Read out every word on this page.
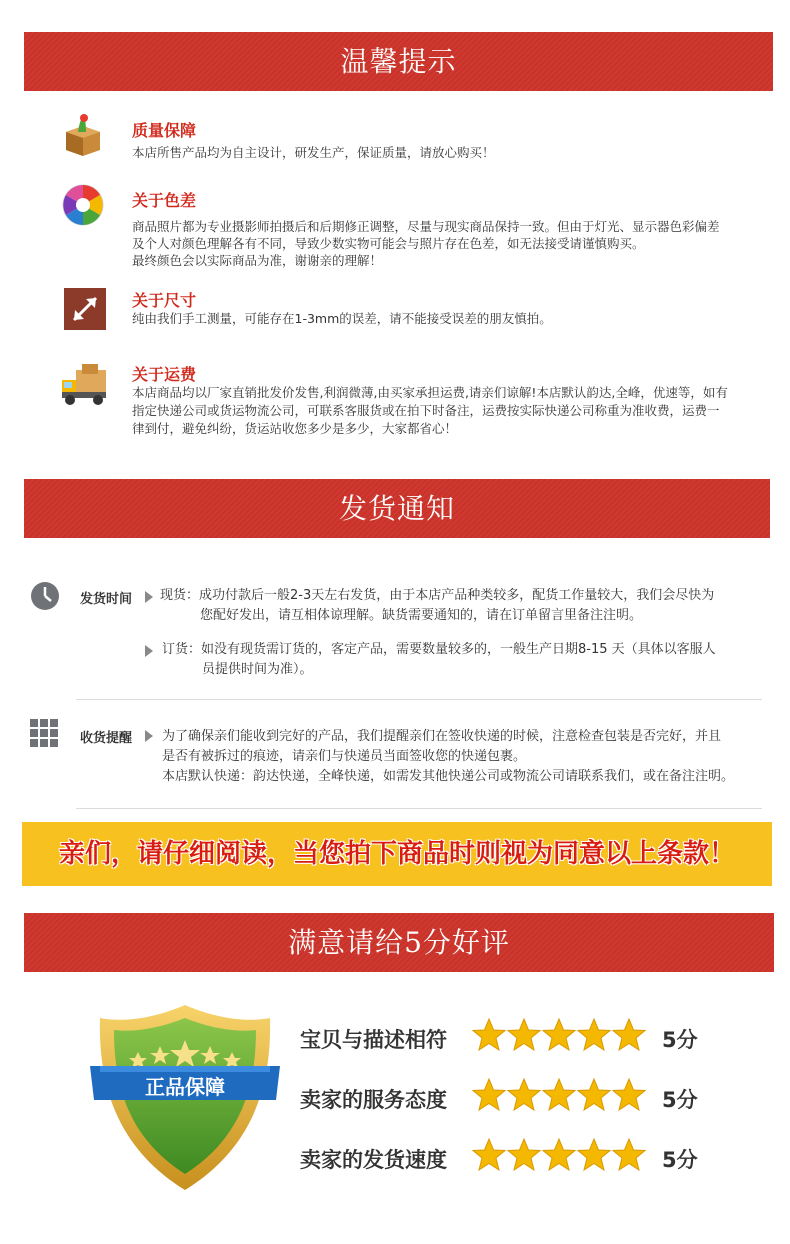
温馨提示
质量保障
本店所售产品均为自主设计，研发生产，保证质量，请放心购买！
关于色差
商品照片都为专业摄影师拍摄后和后期修正调整，尽量与现实商品保持一致。但由于灯光、显示器色彩偏差
及个人对颜色理解各有不同，导致少数实物可能会与照片存在色差，如无法接受请谨慎购买。
最终颜色会以实际商品为准，谢谢亲的理解！
关于尺寸
纯由我们手工测量，可能存在1-3mm的误差，请不能接受误差的朋友慎拍。
关于运费
本店商品均以厂家直销批发价发售,利润微薄,由买家承担运费,请亲们谅解!本店默认韵达,全峰，优速等，如有
指定快递公司或货运物流公司，可联系客服货或在拍下时备注，运费按实际快递公司称重为准收费，运费一
律到付，避免纠纷，货运站收您多少是多少，大家都省心！
发货通知
发货时间 现货：成功付款后一般2-3天左右发货，由于本店产品种类较多，配货工作量较大，我们会尽快为
您配好发出，请互相体谅理解。缺货需要通知的，请在订单留言里备注注明。
订货：如没有现货需订货的，客定产品，需要数量较多的，一般生产日期8-15 天（具体以客服人
员提供时间为准）。
收货提醒 为了确保亲们能收到完好的产品，我们提醒亲们在签收快递的时候，注意检查包装是否完好，并且
是否有被拆过的痕迹，请亲们与快递员当面签收您的快递包裹。
本店默认快递：韵达快递，全峰快递，如需发其他快递公司或物流公司请联系我们，或在备注注明。
亲们，请仔细阅读，当您拍下商品时则视为同意以上条款！
满意请给5分好评
正品保障
宝贝与描述相符	5分
卖家的服务态度	5分
卖家的发货速度	5分
